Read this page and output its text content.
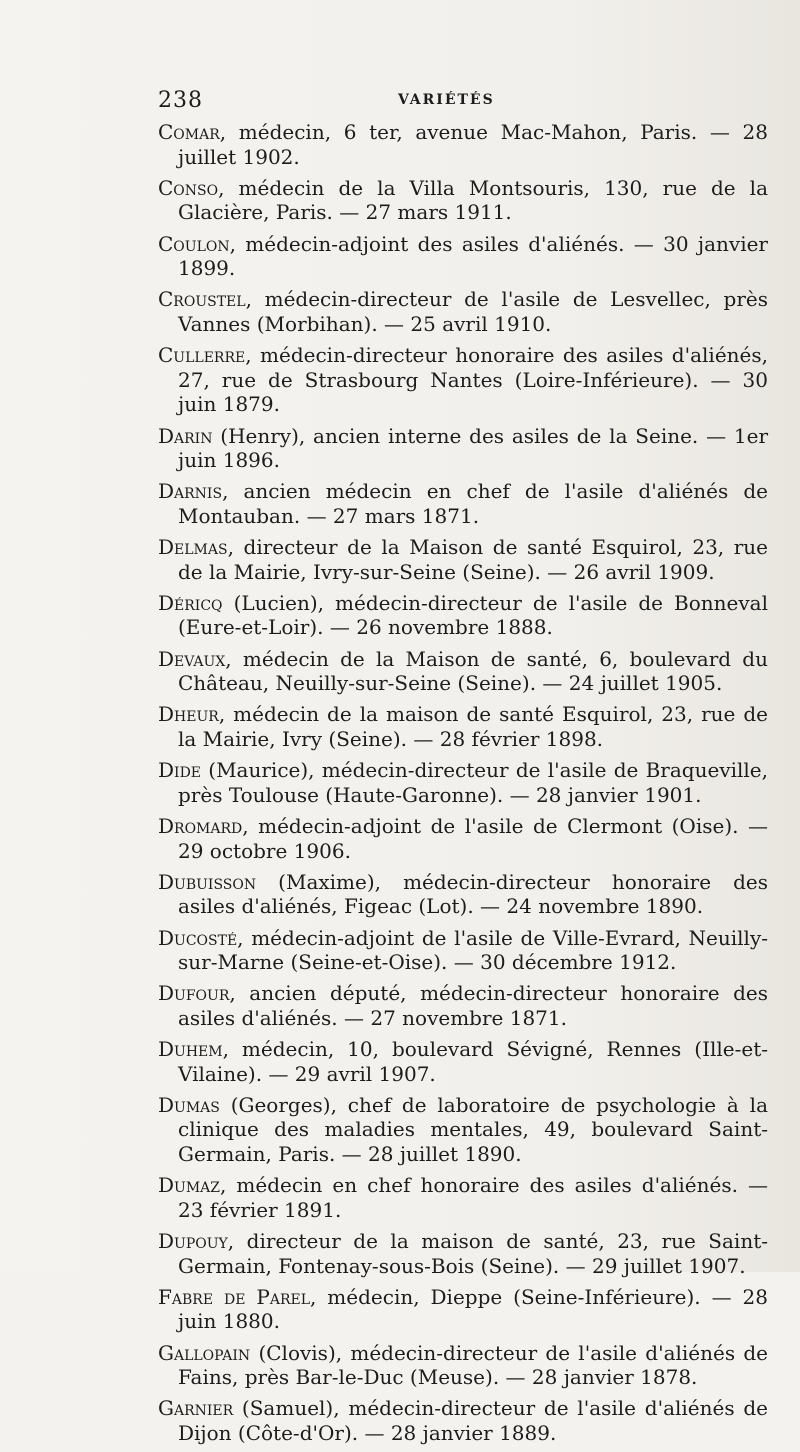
238	VARIÉTÉS

Comar, médecin, 6 ter, avenue Mac-Mahon, Paris. — 28 juillet 1902.

Conso, médecin de la Villa Montsouris, 130, rue de la Glacière, Paris. — 27 mars 1911.

Coulon, médecin-adjoint des asiles d'aliénés. — 30 janvier 1899.

Croustel, médecin-directeur de l'asile de Lesvellec, près Vannes (Morbihan). — 25 avril 1910.

Cullerre, médecin-directeur honoraire des asiles d'aliénés, 27, rue de Strasbourg Nantes (Loire-Inférieure). — 30 juin 1879.

Darin (Henry), ancien interne des asiles de la Seine. — 1er juin 1896.

Darnis, ancien médecin en chef de l'asile d'aliénés de Montauban. — 27 mars 1871.

Delmas, directeur de la Maison de santé Esquirol, 23, rue de la Mairie, Ivry-sur-Seine (Seine). — 26 avril 1909.

Déricq (Lucien), médecin-directeur de l'asile de Bonneval (Eure-et-Loir). — 26 novembre 1888.

Devaux, médecin de la Maison de santé, 6, boulevard du Château, Neuilly-sur-Seine (Seine). — 24 juillet 1905.

Dheur, médecin de la maison de santé Esquirol, 23, rue de la Mairie, Ivry (Seine). — 28 février 1898.

Dide (Maurice), médecin-directeur de l'asile de Braqueville, près Toulouse (Haute-Garonne). — 28 janvier 1901.

Dromard, médecin-adjoint de l'asile de Clermont (Oise). — 29 octobre 1906.

Dubuisson (Maxime), médecin-directeur honoraire des asiles d'aliénés, Figeac (Lot). — 24 novembre 1890.

Ducosté, médecin-adjoint de l'asile de Ville-Evrard, Neuilly-sur-Marne (Seine-et-Oise). — 30 décembre 1912.

Dufour, ancien député, médecin-directeur honoraire des asiles d'aliénés. — 27 novembre 1871.

Duhem, médecin, 10, boulevard Sévigné, Rennes (Ille-et-Vilaine). — 29 avril 1907.

Dumas (Georges), chef de laboratoire de psychologie à la clinique des maladies mentales, 49, boulevard Saint-Germain, Paris. — 28 juillet 1890.

Dumaz, médecin en chef honoraire des asiles d'aliénés. — 23 février 1891.

Dupouy, directeur de la maison de santé, 23, rue Saint-Germain, Fontenay-sous-Bois (Seine). — 29 juillet 1907.

Fabre de Parel, médecin, Dieppe (Seine-Inférieure). — 28 juin 1880.

Gallopain (Clovis), médecin-directeur de l'asile d'aliénés de Fains, près Bar-le-Duc (Meuse). — 28 janvier 1878.

Garnier (Samuel), médecin-directeur de l'asile d'aliénés de Dijon (Côte-d'Or). — 28 janvier 1889.
